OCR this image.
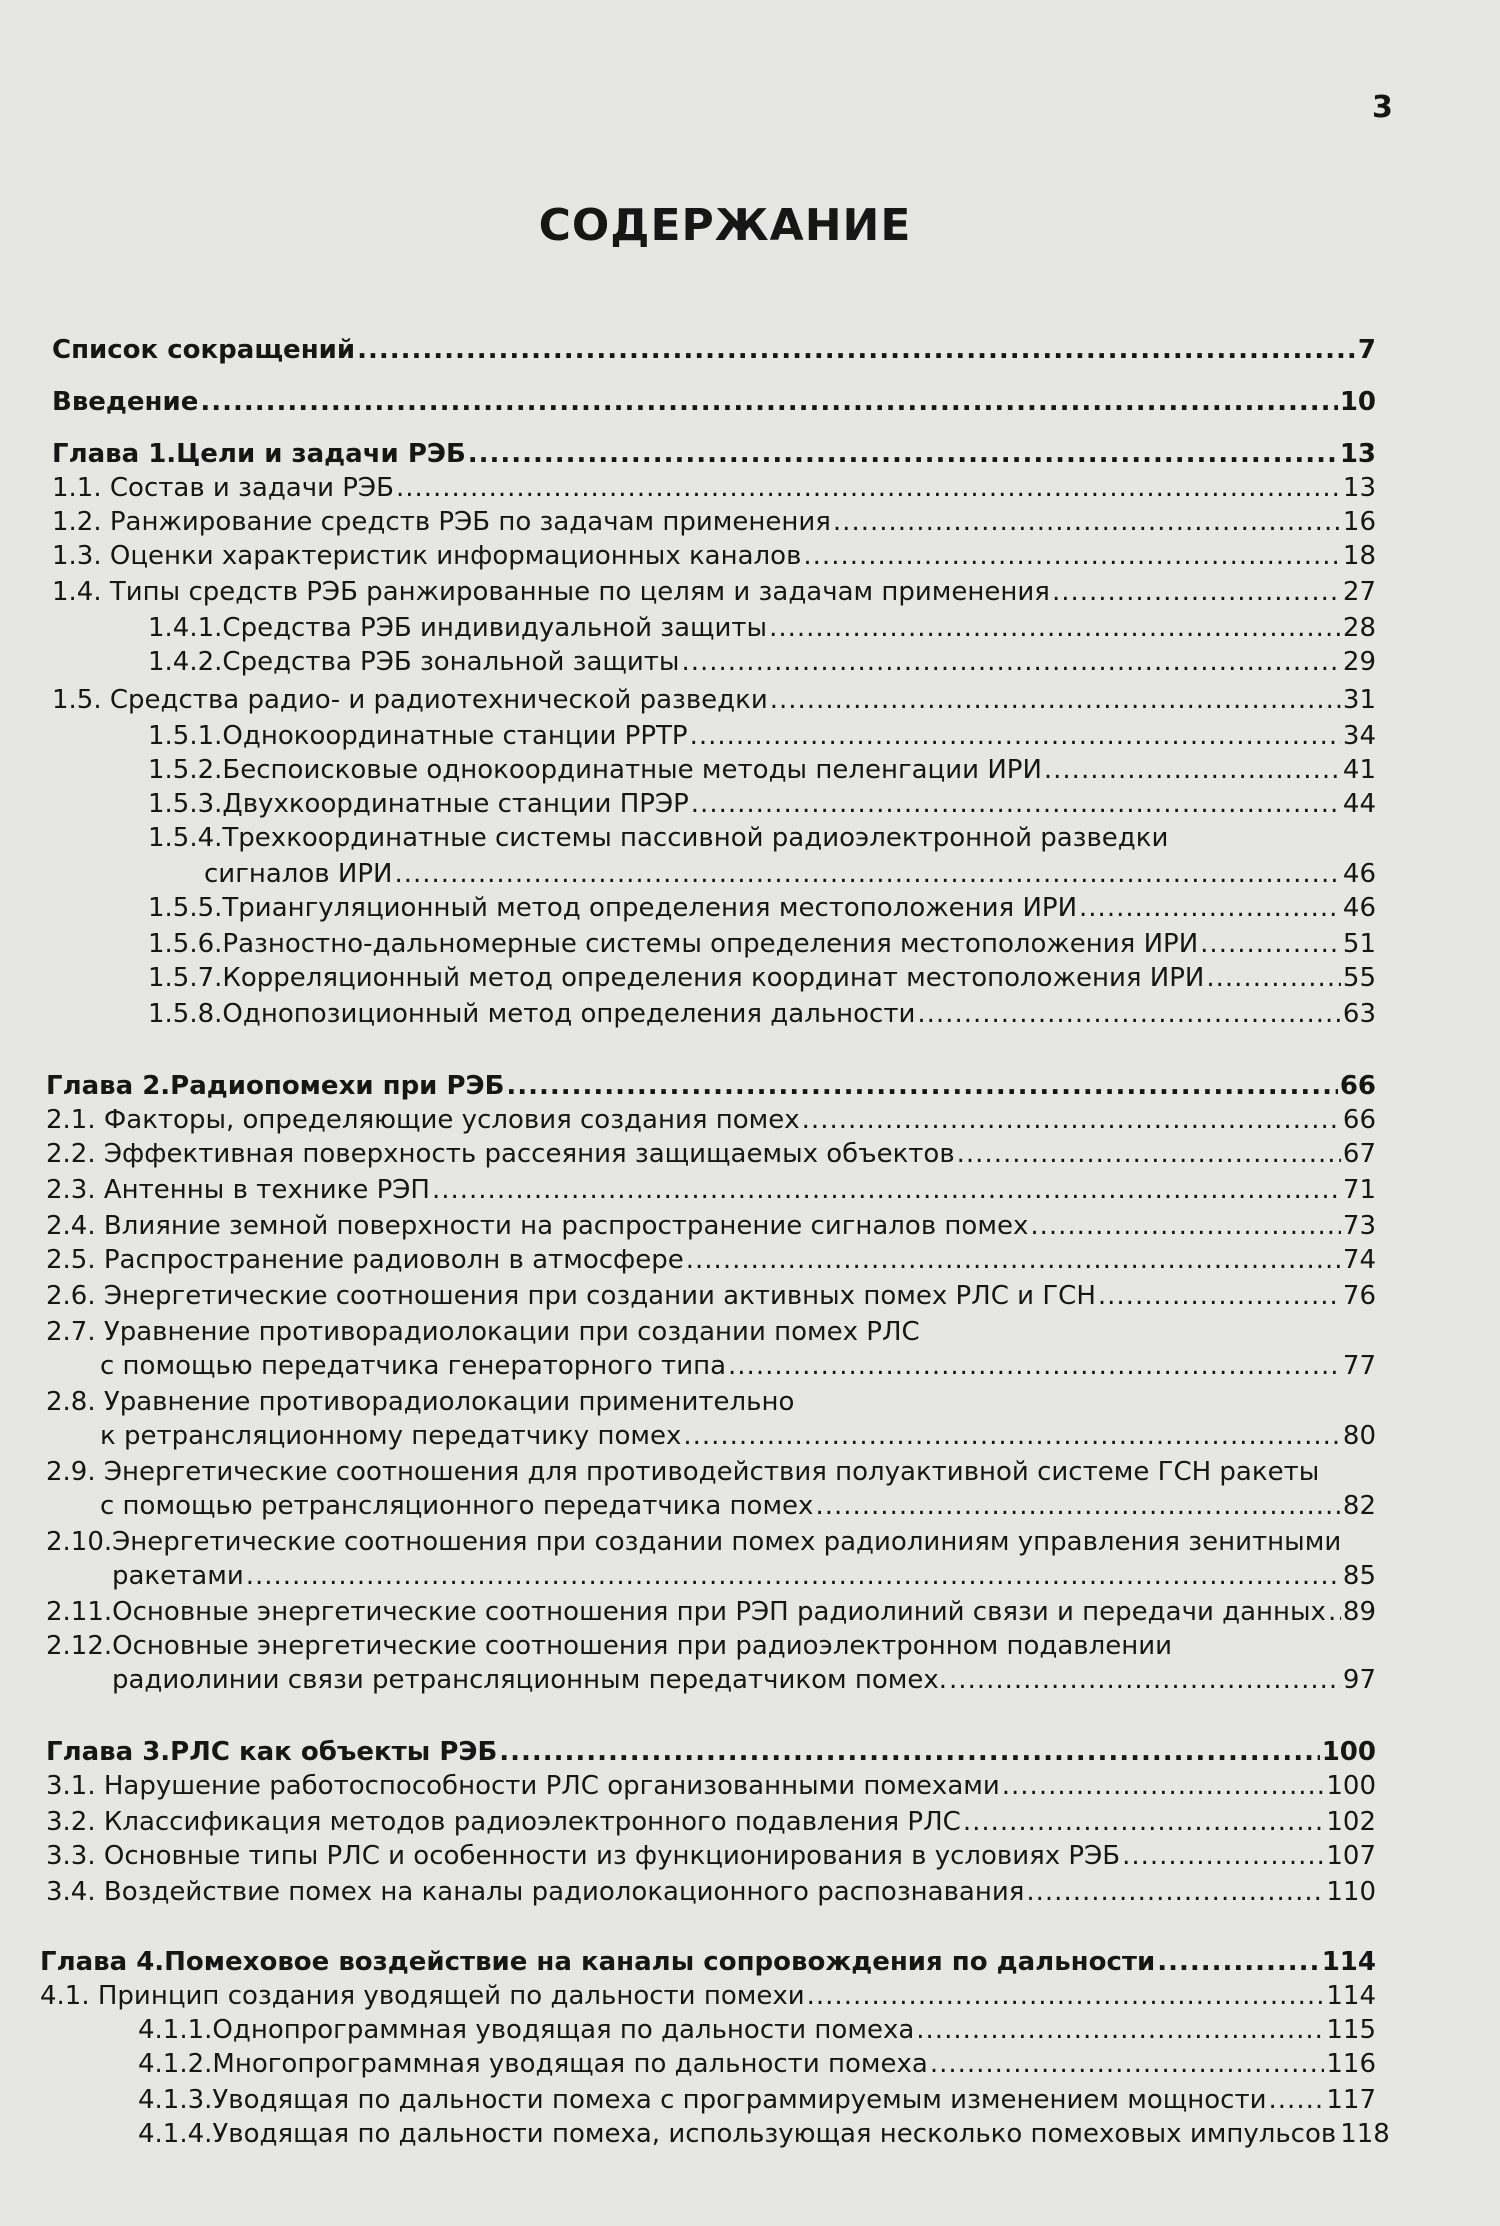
3
СОДЕРЖАНИЕ
Список сокращений .....	7
Введение .....	10
Глава 1.Цели и задачи РЭБ .....	13
1.1. Состав и задачи РЭБ .....	13
1.2. Ранжирование средств РЭБ по задачам применения .....	16
1.3. Оценки характеристик информационных каналов .....	18
1.4. Типы средств РЭБ ранжированные по целям и задачам применения .....	27
1.4.1.Средства РЭБ индивидуальной защиты .....	28
1.4.2.Средства РЭБ зональной защиты .....	29
1.5. Средства радио- и радиотехнической разведки .....	31
1.5.1.Однокоординатные станции РРТР .....	34
1.5.2.Беспоисковые однокоординатные методы пеленгации ИРИ .....	41
1.5.3.Двухкоординатные станции ПРЭР .....	44
1.5.4.Трехкоординатные системы пассивной радиоэлектронной разведки
сигналов ИРИ .....	46
1.5.5.Триангуляционный метод определения местоположения ИРИ .....	46
1.5.6.Разностно-дальномерные системы определения местоположения ИРИ .....	51
1.5.7.Корреляционный метод определения координат местоположения ИРИ .....	55
1.5.8.Однопозиционный метод определения дальности .....	63
Глава 2.Радиопомехи при РЭБ .....	66
2.1. Факторы, определяющие условия создания помех .....	66
2.2. Эффективная поверхность рассеяния защищаемых объектов .....	67
2.3. Антенны в технике РЭП .....	71
2.4. Влияние земной поверхности на распространение сигналов помех .....	73
2.5. Распространение радиоволн в атмосфере .....	74
2.6. Энергетические соотношения при создании активных помех РЛС и ГСН .....	76
2.7. Уравнение противорадиолокации при создании помех РЛС
с помощью передатчика генераторного типа .....	77
2.8. Уравнение противорадиолокации применительно
к ретрансляционному передатчику помех .....	80
2.9. Энергетические соотношения для противодействия полуактивной системе ГСН ракеты
с помощью ретрансляционного передатчика помех .....	82
2.10.Энергетические соотношения при создании помех радиолиниям управления зенитными
ракетами .....	85
2.11.Основные энергетические соотношения при РЭП радиолиний связи и передачи данных ..... 89
2.12.Основные энергетические соотношения при радиоэлектронном подавлении
радиолинии связи ретрансляционным передатчиком помех. .....	97
Глава 3.РЛС как объекты РЭБ .....	100
3.1. Нарушение работоспособности РЛС организованными помехами .....	100
3.2. Классификация методов радиоэлектронного подавления РЛС .....	102
3.3. Основные типы РЛС и особенности из функционирования в условиях РЭБ .....	107
3.4. Воздействие помех на каналы радиолокационного распознавания .....	110
Глава 4.Помеховое воздействие на каналы сопровождения по дальности .....	114
4.1. Принцип создания уводящей по дальности помехи .....	114
4.1.1.Однопрограммная уводящая по дальности помеха .....	115
4.1.2.Многопрограммная уводящая по дальности помеха .....	116
4.1.3.Уводящая по дальности помеха с программируемым изменением мощности ..... 117
4.1.4.Уводящая по дальности помеха, использующая несколько помеховых импульсов 118
